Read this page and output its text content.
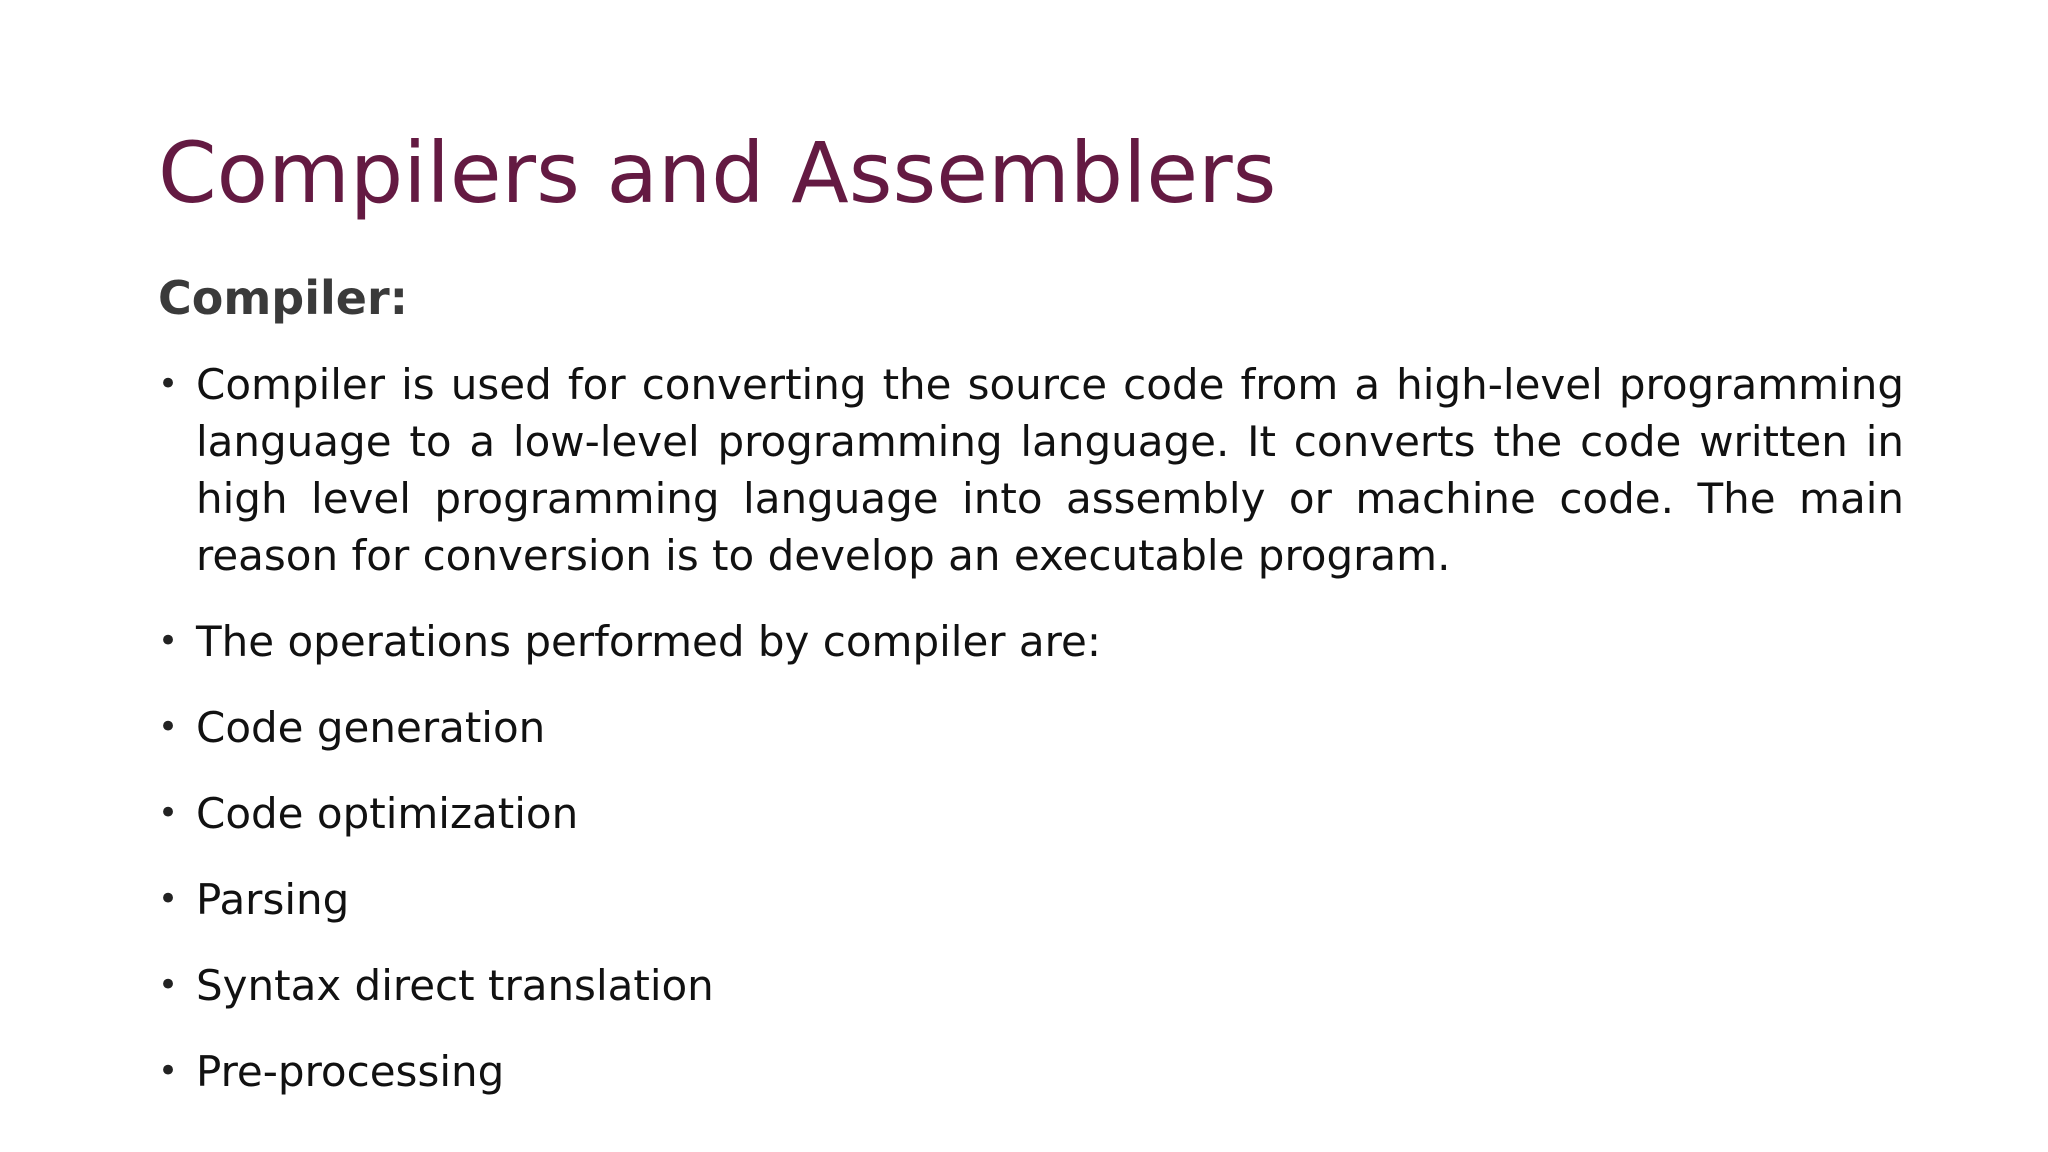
Compilers and Assemblers
Compiler:
• Compiler is used for converting the source code from a high-level programming language to a low-level programming language. It converts the code written in high level programming language into assembly or machine code. The main reason for conversion is to develop an executable program.
• The operations performed by compiler are:
• Code generation
• Code optimization
• Parsing
• Syntax direct translation
• Pre-processing
